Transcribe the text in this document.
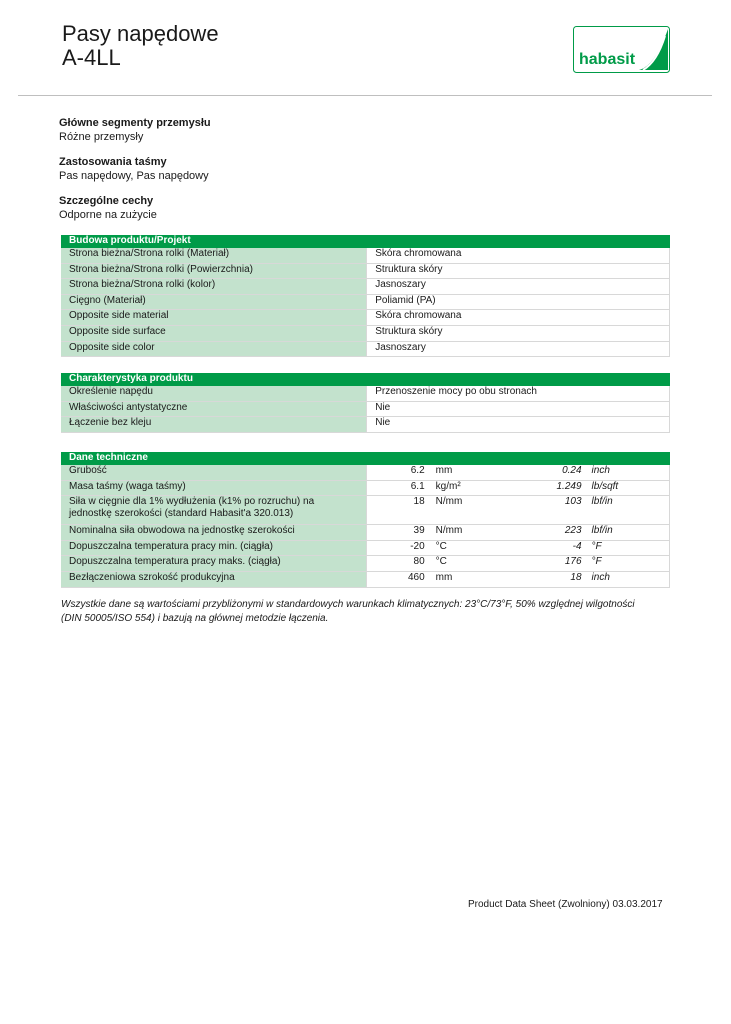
Pasy napędowe
A-4LL	habasit
Główne segmenty przemysłu
Różne przemysły
Zastosowania taśmy
Pas napędowy, Pas napędowy
Szczególne cechy
Odporne na zużycie
Budowa produktu/Projekt	
Strona bieżna/Strona rolki (Materiał)	Skóra chromowana
Strona bieżna/Strona rolki (Powierzchnia)	Struktura skóry
Strona bieżna/Strona rolki (kolor)	Jasnoszary
Cięgno (Materiał)	Poliamid (PA)
Opposite side material	Skóra chromowana
Opposite side surface	Struktura skóry
Opposite side color	Jasnoszary
Charakterystyka produktu	
Określenie napędu	Przenoszenie mocy po obu stronach
Właściwości antystatyczne	Nie
Łączenie bez kleju	Nie
Dane techniczne				
Grubość	6.2	mm	0.24	inch
Masa taśmy (waga taśmy)	6.1	kg/m²	1.249	lb/sqft

Siła w cięgnie dla 1% wydłużenia (k1% po rozruchu) na
jednostkę szerokości (standard Habasit'a 320.013)	18	N/mm	103	lbf/in
Nominalna siła obwodowa na jednostkę szerokości	39	N/mm	223	lbf/in
Dopuszczalna temperatura pracy min. (ciągła)	-20	°C	-4	°F
Dopuszczalna temperatura pracy maks. (ciągła)	80	°C	176	°F
Bezłączeniowa szrokość produkcyjna	460	mm	18	inch
Wszystkie dane są wartościami przybliżonymi w standardowych warunkach klimatycznych: 23°C/73°F, 50% względnej wilgotności
(DIN 50005/ISO 554) i bazują na głównej metodzie łączenia.
Product Data Sheet (Zwolniony) 03.03.2017
